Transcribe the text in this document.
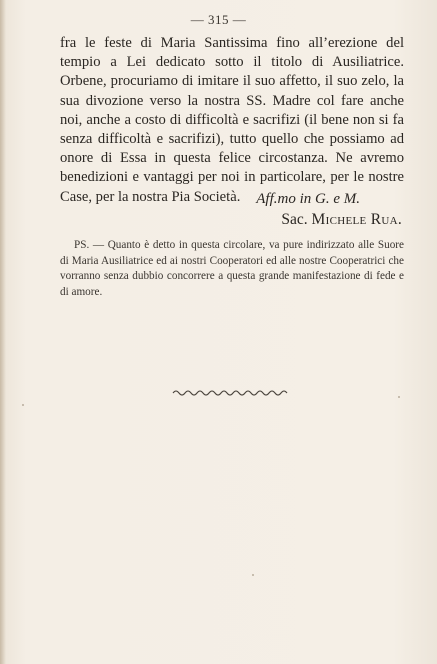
— 315 —

fra le feste di Maria Santissima fino all’erezione del tempio a Lei dedicato sotto il titolo di Ausiliatrice. Orbene, procuriamo di imitare il suo affetto, il suo zelo, la sua divozione verso la nostra SS. Madre col fare anche noi, anche a costo di difficoltà e sacrifizi (il bene non si fa senza difficoltà e sacrifizi), tutto quello che possiamo ad onore di Essa in questa felice circostanza. Ne avremo benedizioni e vantaggi per noi in particolare, per le nostre Case, per la nostra Pia Società.	Aff.mo in G. e M.
Sac. Michele Rua.

PS. — Quanto è detto in questa circolare, va pure indirizzato alle Suore di Maria Ausiliatrice ed ai nostri Cooperatori ed alle nostre Cooperatrici che vorranno senza dubbio concorrere a questa grande manifestazione di fede e di amore.
